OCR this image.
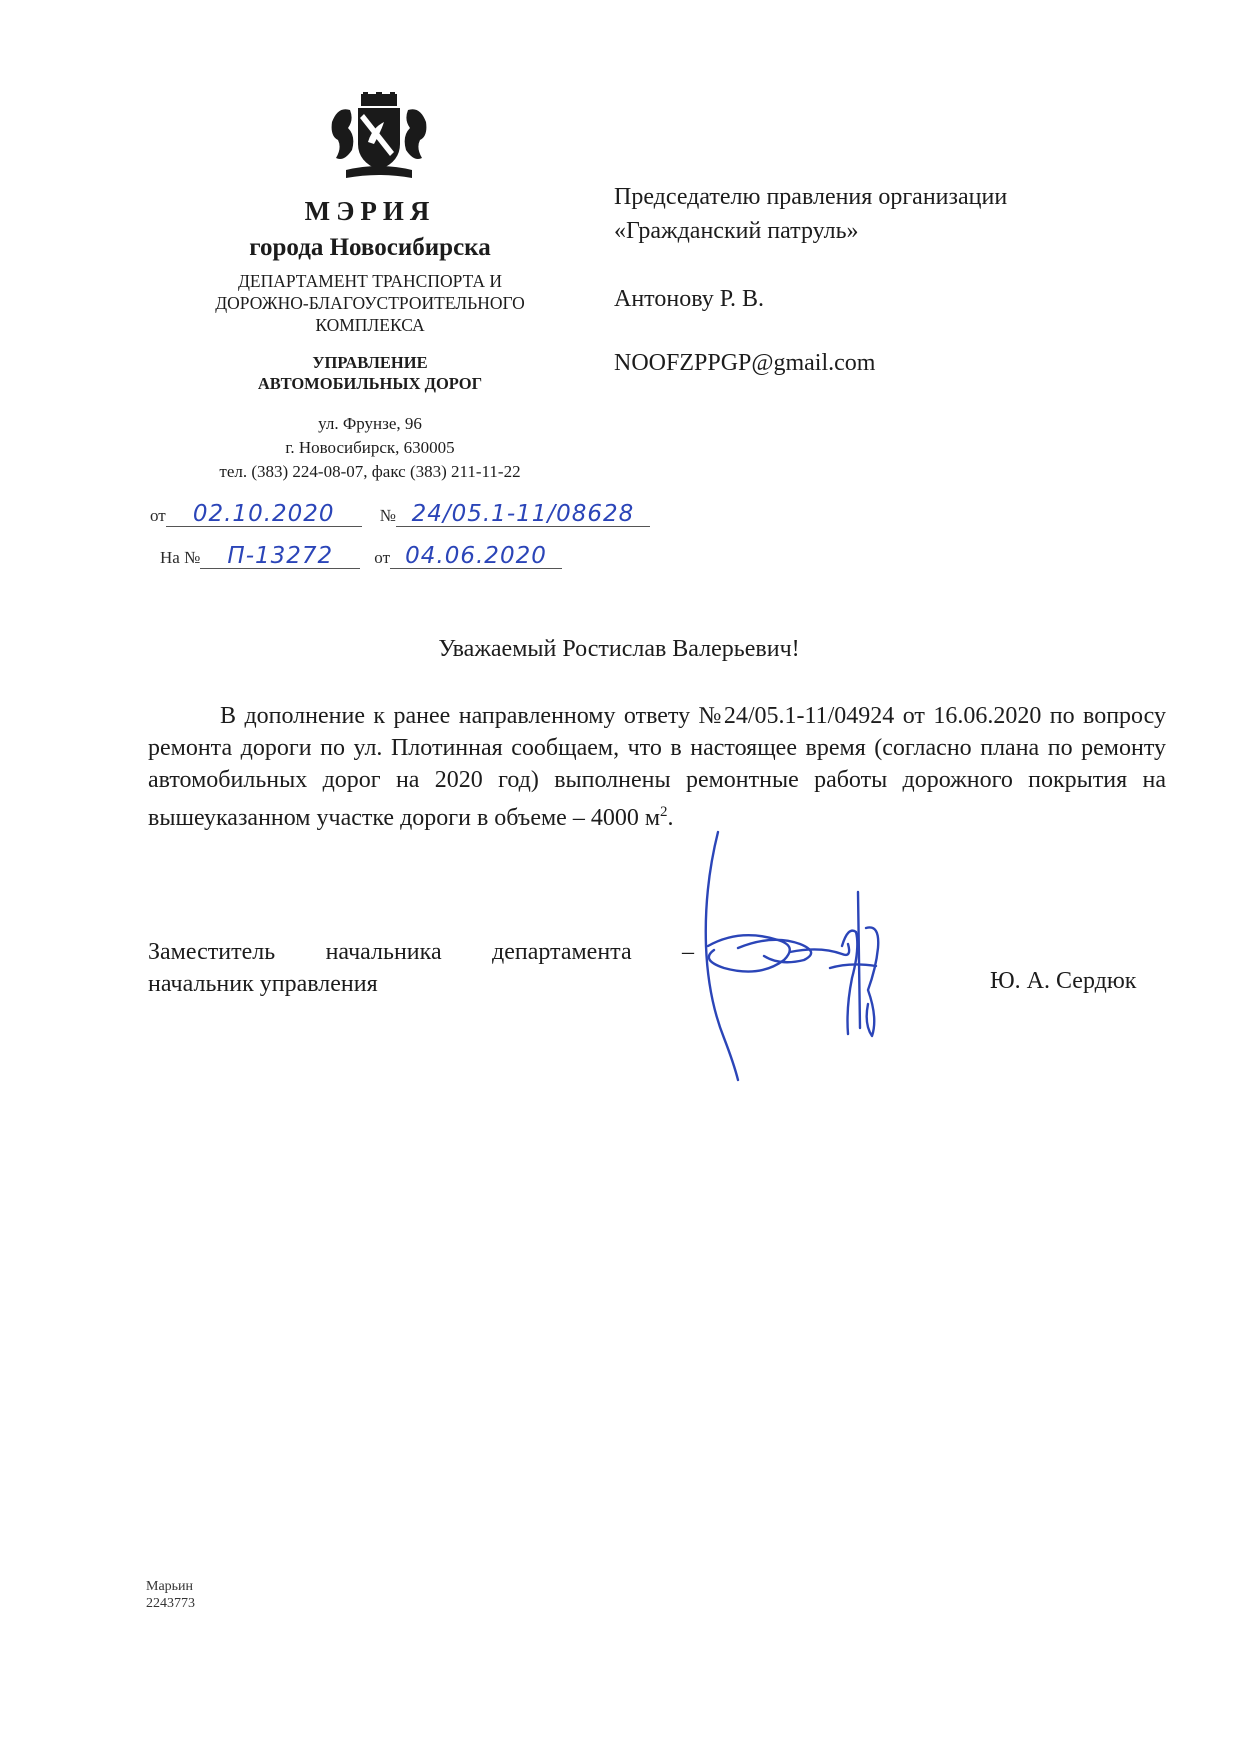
МЭРИЯ
города Новосибирска
ДЕПАРТАМЕНТ ТРАНСПОРТА И
ДОРОЖНО-БЛАГОУСТРОИТЕЛЬНОГО
КОМПЛЕКСА
УПРАВЛЕНИЕ
АВТОМОБИЛЬНЫХ ДОРОГ
ул. Фрунзе, 96
г. Новосибирск, 630005
тел. (383) 224-08-07, факс (383) 211-11-22
от 02.10.2020	№ 24/05.1-11/08628
На № П-13272 от 04.06.2020
Председателю правления организации
«Гражданский патруль»
Антонову Р. В.
NOOFZPPGP@gmail.com
Уважаемый Ростислав Валерьевич!

В дополнение к ранее направленному ответу №24/05.1-11/04924 от 16.06.2020 по вопросу ремонта дороги по ул. Плотинная сообщаем, что в настоящее время (согласно плана по ремонту автомобильных дорог на 2020 год) выполнены ремонтные работы дорожного покрытия на вышеуказанном участке дороги в объеме – 4000 $м^2$.

Заместитель начальника департамента –
начальник управления	Ю. А. Сердюк
Марьин
2243773
